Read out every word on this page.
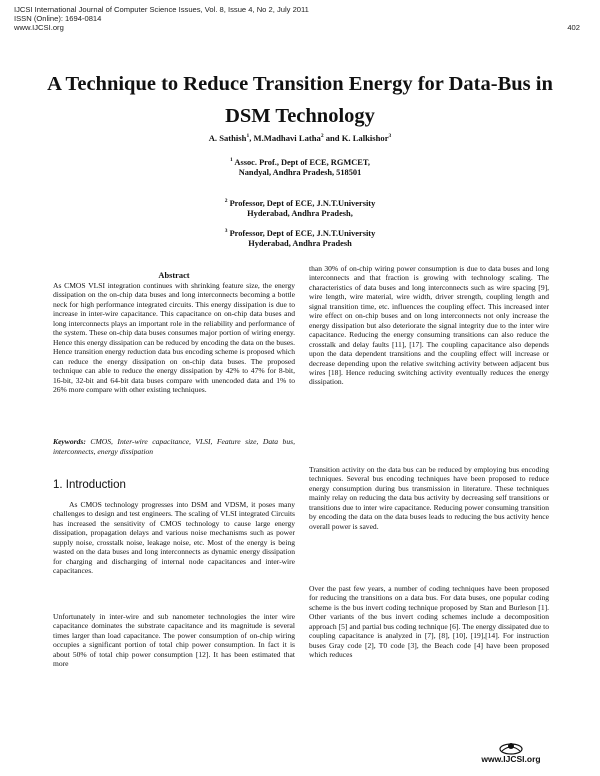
IJCSI International Journal of Computer Science Issues, Vol. 8, Issue 4, No 2, July 2011
ISSN (Online): 1694-0814
www.IJCSI.org	402
A Technique to Reduce Transition Energy for Data-Bus in
DSM Technology
A. Sathish$^1$, M.Madhavi Latha$^2$ and K. Lalkishor$^3$
$^1$ Assoc. Prof., Dept of ECE, RGMCET,
Nandyal, Andhra Pradesh, 518501
$^2$ Professor, Dept of ECE, J.N.T.University
Hyderabad, Andhra Pradesh,
$^3$ Professor, Dept of ECE, J.N.T.University
Hyderabad, Andhra Pradesh
Abstract
As CMOS VLSI integration continues with shrinking feature size, the energy dissipation on the on-chip data buses and long interconnects becoming a bottle neck for high performance integrated circuits. This energy dissipation is due to increase in inter-wire capacitance. This capacitance on on-chip data buses and long interconnects plays an important role in the reliability and performance of the system. These on-chip data buses consumes major portion of wiring energy. Hence this energy dissipation can be reduced by encoding the data on the buses. Hence transition energy reduction data bus encoding scheme is proposed which can reduce the energy dissipation on on-chip data buses. The proposed technique can able to reduce the energy dissipation by 42% to 47% for 8-bit, 16-bit, 32-bit and 64-bit data buses compare with unencoded data and 1% to 26% more compare with other existing techniques.
Keywords: CMOS, Inter-wire capacitance, VLSI, Feature size, Data bus, interconnects, energy dissipation
1. Introduction
As CMOS technology progresses into DSM and VDSM, it poses many challenges to design and test engineers. The scaling of VLSI integrated Circuits has increased the sensitivity of CMOS technology to cause large energy dissipation, propagation delays and various noise mechanisms such as power supply noise, crosstalk noise, leakage noise, etc. Most of the energy is being wasted on the data buses and long interconnects as dynamic energy dissipation for charging and discharging of internal node capacitances and inter-wire capacitances.
Unfortunately in inter-wire and sub nanometer technologies the inter wire capacitance dominates the substrate capacitance and its magnitude is several times larger than load capacitance. The power consumption of on-chip wiring occupies a significant portion of total chip power consumption. In fact it is about 50% of total chip power consumption [12]. It has been estimated that more
than 30% of on-chip wiring power consumption is due to data buses and long interconnects and that fraction is growing with technology scaling. The characteristics of data buses and long interconnects such as wire spacing [9], wire length, wire material, wire width, driver strength, coupling length and signal transition time, etc. influences the coupling effect. This increased inter wire effect on on-chip buses and on long interconnects not only increase the energy dissipation but also deteriorate the signal integrity due to the inter wire capacitance. Reducing the energy consuming transitions can also reduce the crosstalk and delay faults [11], [17]. The coupling capacitance also depends upon the data dependent transitions and the coupling effect will increase or decrease depending upon the relative switching activity between adjacent bus wires [18]. Hence reducing switching activity eventually reduces the energy dissipation.
Transition activity on the data bus can be reduced by employing bus encoding techniques. Several bus encoding techniques have been proposed to reduce energy consumption during bus transmission in literature. These techniques mainly relay on reducing the data bus activity by decreasing self transitions or transitions due to inter wire capacitance. Reducing power consuming transition by encoding the data on the data buses leads to reducing the bus activity hence overall power is saved.
Over the past few years, a number of coding techniques have been proposed for reducing the transitions on a data bus. For data buses, one popular coding scheme is the bus invert coding technique proposed by Stan and Burleson [1]. Other variants of the bus invert coding schemes include a decomposition approach [5] and partial bus coding technique [6]. The energy dissipated due to coupling capacitance is analyzed in [7], [8], [10], [19],[14]. For instruction buses Gray code [2], T0 code [3], the Beach code [4] have been proposed which reduces
www.IJCSI.org
